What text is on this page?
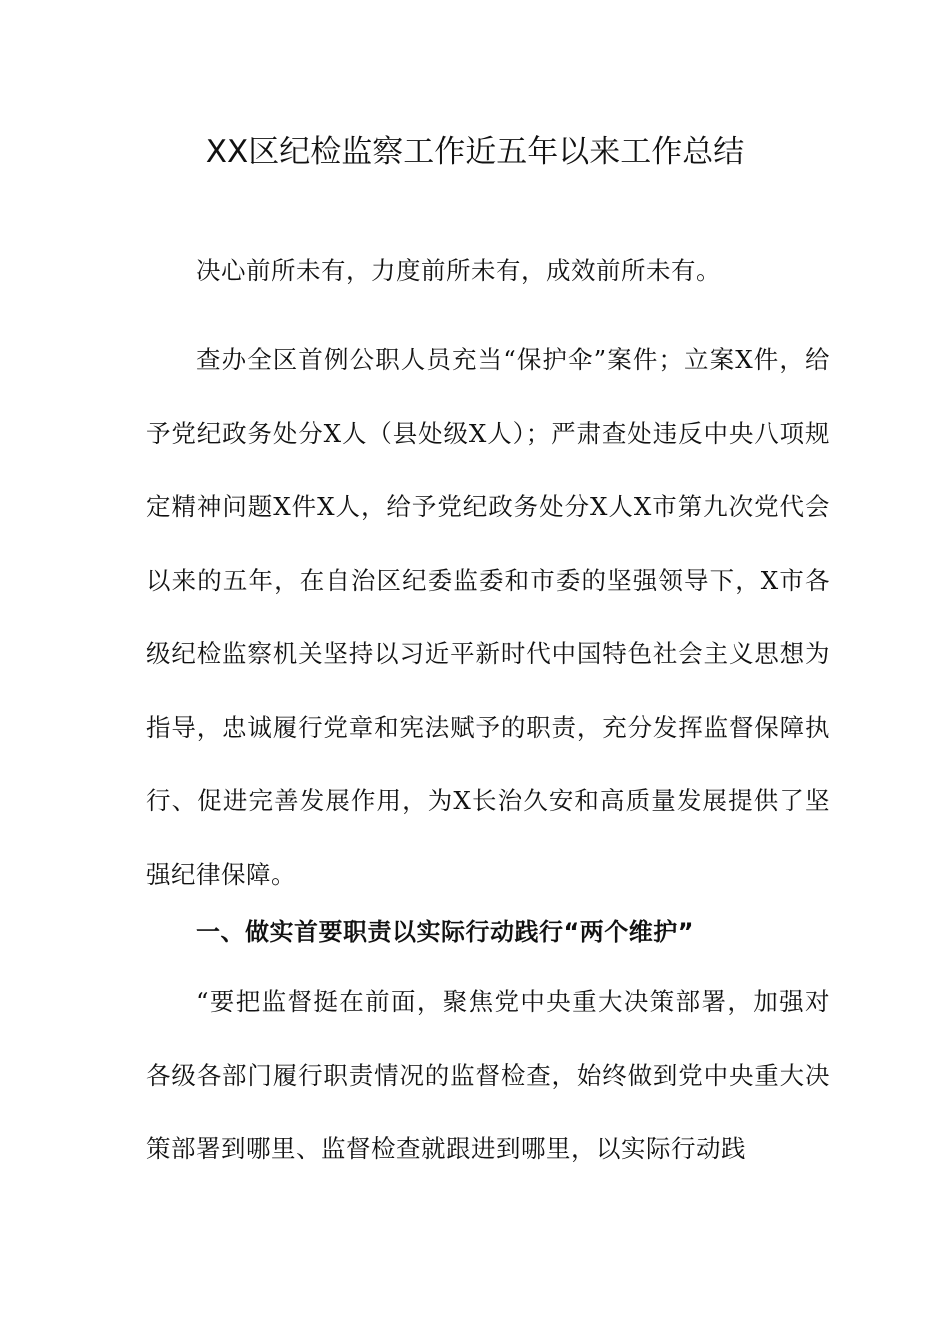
XX区纪检监察工作近五年以来工作总结

决心前所未有，力度前所未有，成效前所未有。

查办全区首例公职人员充当“保护伞”案件；立案X件，给予党纪政务处分X人（县处级X人）；严肃查处违反中央八项规定精神问题X件X人，给予党纪政务处分X人X市第九次党代会以来的五年，在自治区纪委监委和市委的坚强领导下，X市各级纪检监察机关坚持以习近平新时代中国特色社会主义思想为指导，忠诚履行党章和宪法赋予的职责，充分发挥监督保障执行、促进完善发展作用，为X长治久安和高质量发展提供了坚强纪律保障。

一、做实首要职责以实际行动践行“两个维护”

“要把监督挺在前面，聚焦党中央重大决策部署，加强对各级各部门履行职责情况的监督检查，始终做到党中央重大决策部署到哪里、监督检查就跟进到哪里，以实际行动践
